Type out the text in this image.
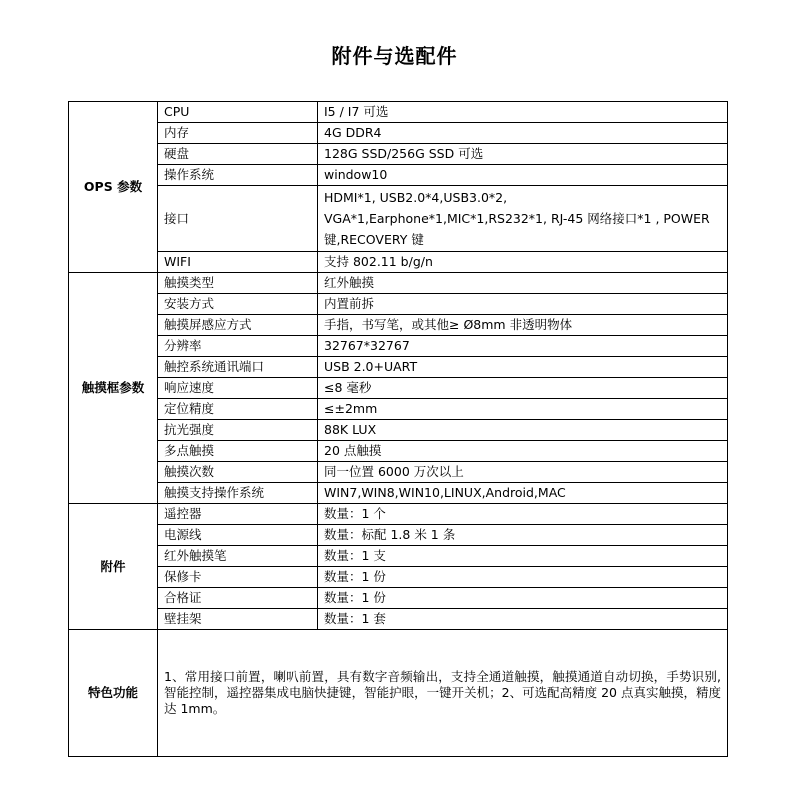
附件与选配件
OPS 参数	CPU	I5 / I7 可选
	内存	4G DDR4
	硬盘	128G SSD/256G SSD 可选
	操作系统	window10
	接口	HDMI*1, USB2.0*4,USB3.0*2, VGA*1,Earphone*1,MIC*1,RS232*1, RJ-45 网络接口*1 , POWER 键,RECOVERY 键
	WIFI	支持 802.11 b/g/n
触摸框参数	触摸类型	红外触摸
	安装方式	内置前拆
	触摸屏感应方式	手指，书写笔，或其他≥ Ø8mm 非透明物体
	分辨率	32767*32767
	触控系统通讯端口	USB 2.0+UART
	响应速度	≤8 毫秒
	定位精度	≤±2mm
	抗光强度	88K LUX
	多点触摸	20 点触摸
	触摸次数	同一位置 6000 万次以上
	触摸支持操作系统	WIN7,WIN8,WIN10,LINUX,Android,MAC
附件	遥控器	数量：1 个
	电源线	数量：标配 1.8 米 1 条
	红外触摸笔	数量：1 支
	保修卡	数量：1 份
	合格证	数量：1 份
	壁挂架	数量：1 套
特色功能	1、常用接口前置，喇叭前置，具有数字音频输出，支持全通道触摸，触摸通道自动切换，手势识别,智能控制，遥控器集成电脑快捷键，智能护眼，一键开关机；2、可选配高精度 20 点真实触摸，精度达 1mm。	
